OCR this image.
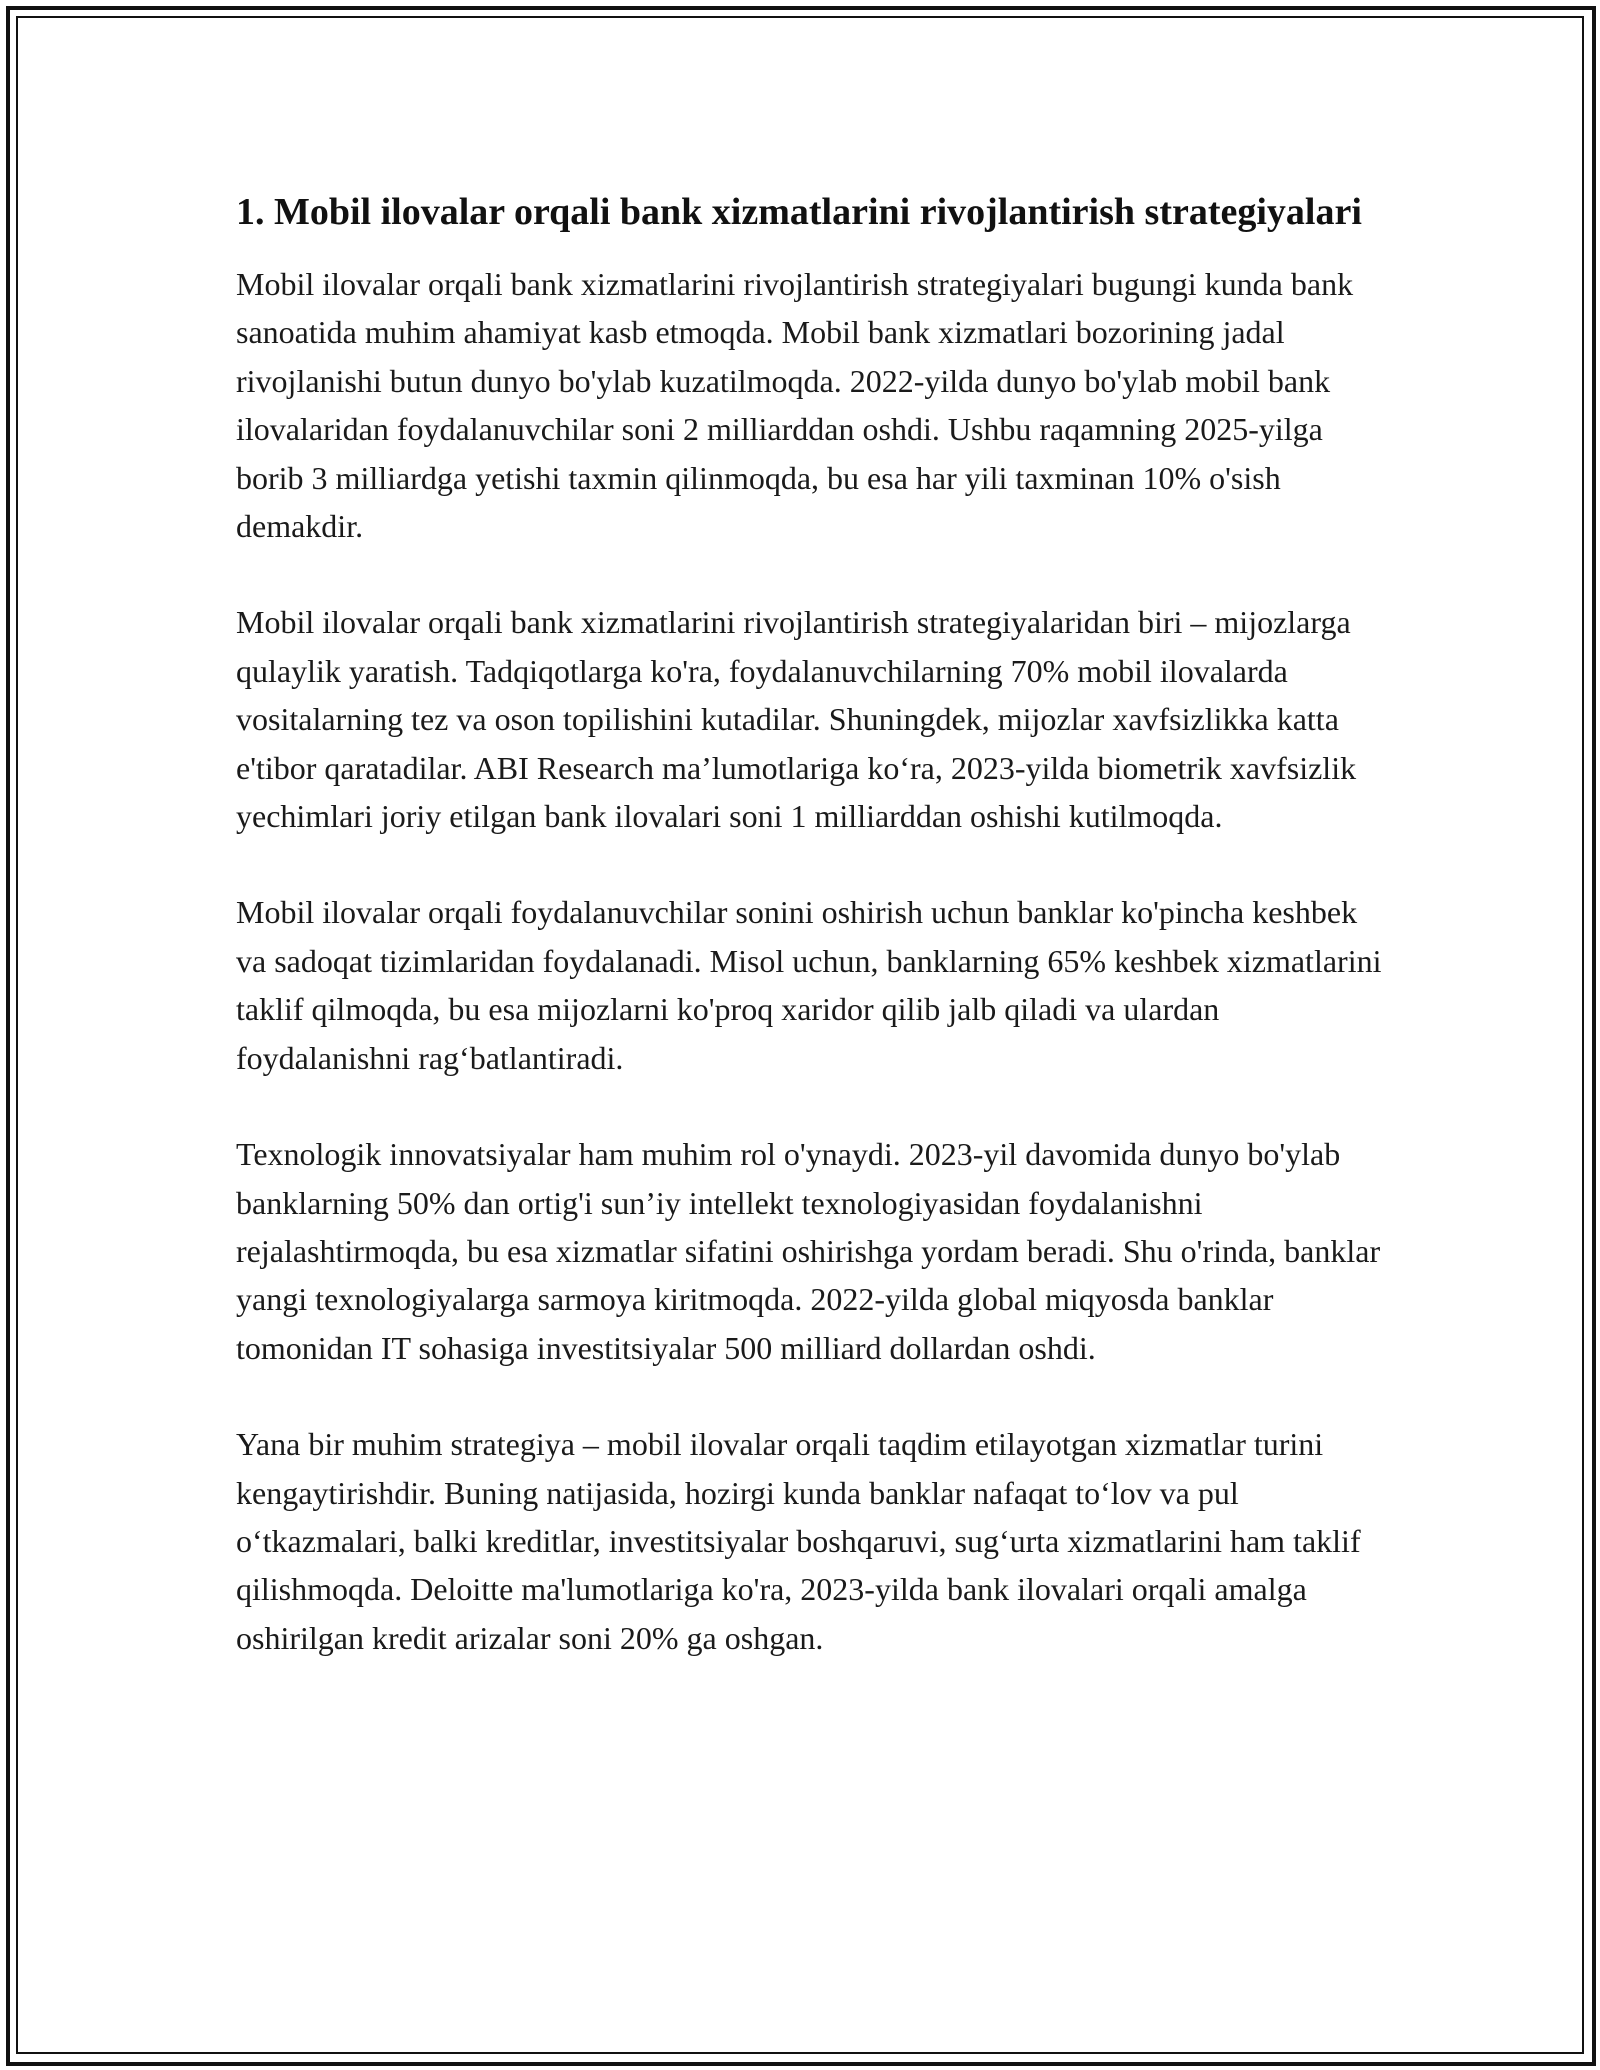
1. Mobil ilovalar orqali bank xizmatlarini rivojlantirish strategiyalari

Mobil ilovalar orqali bank xizmatlarini rivojlantirish strategiyalari bugungi kunda bank sanoatida muhim ahamiyat kasb etmoqda. Mobil bank xizmatlari bozorining jadal rivojlanishi butun dunyo bo'ylab kuzatilmoqda. 2022-yilda dunyo bo'ylab mobil bank ilovalaridan foydalanuvchilar soni 2 milliarddan oshdi. Ushbu raqamning 2025-yilga borib 3 milliardga yetishi taxmin qilinmoqda, bu esa har yili taxminan 10% o'sish demakdir.

Mobil ilovalar orqali bank xizmatlarini rivojlantirish strategiyalaridan biri – mijozlarga qulaylik yaratish. Tadqiqotlarga ko'ra, foydalanuvchilarning 70% mobil ilovalarda vositalarning tez va oson topilishini kutadilar. Shuningdek, mijozlar xavfsizlikka katta e'tibor qaratadilar. ABI Research ma’lumotlariga ko‘ra, 2023-yilda biometrik xavfsizlik yechimlari joriy etilgan bank ilovalari soni 1 milliarddan oshishi kutilmoqda.

Mobil ilovalar orqali foydalanuvchilar sonini oshirish uchun banklar ko'pincha keshbek va sadoqat tizimlaridan foydalanadi. Misol uchun, banklarning 65% keshbek xizmatlarini taklif qilmoqda, bu esa mijozlarni ko'proq xaridor qilib jalb qiladi va ulardan foydalanishni rag‘batlantiradi.

Texnologik innovatsiyalar ham muhim rol o'ynaydi. 2023-yil davomida dunyo bo'ylab banklarning 50% dan ortig'i sun’iy intellekt texnologiyasidan foydalanishni rejalashtirmoqda, bu esa xizmatlar sifatini oshirishga yordam beradi. Shu o'rinda, banklar yangi texnologiyalarga sarmoya kiritmoqda. 2022-yilda global miqyosda banklar tomonidan IT sohasiga investitsiyalar 500 milliard dollardan oshdi.

Yana bir muhim strategiya – mobil ilovalar orqali taqdim etilayotgan xizmatlar turini kengaytirishdir. Buning natijasida, hozirgi kunda banklar nafaqat to‘lov va pul o‘tkazmalari, balki kreditlar, investitsiyalar boshqaruvi, sug‘urta xizmatlarini ham taklif qilishmoqda. Deloitte ma'lumotlariga ko'ra, 2023-yilda bank ilovalari orqali amalga oshirilgan kredit arizalar soni 20% ga oshgan.
